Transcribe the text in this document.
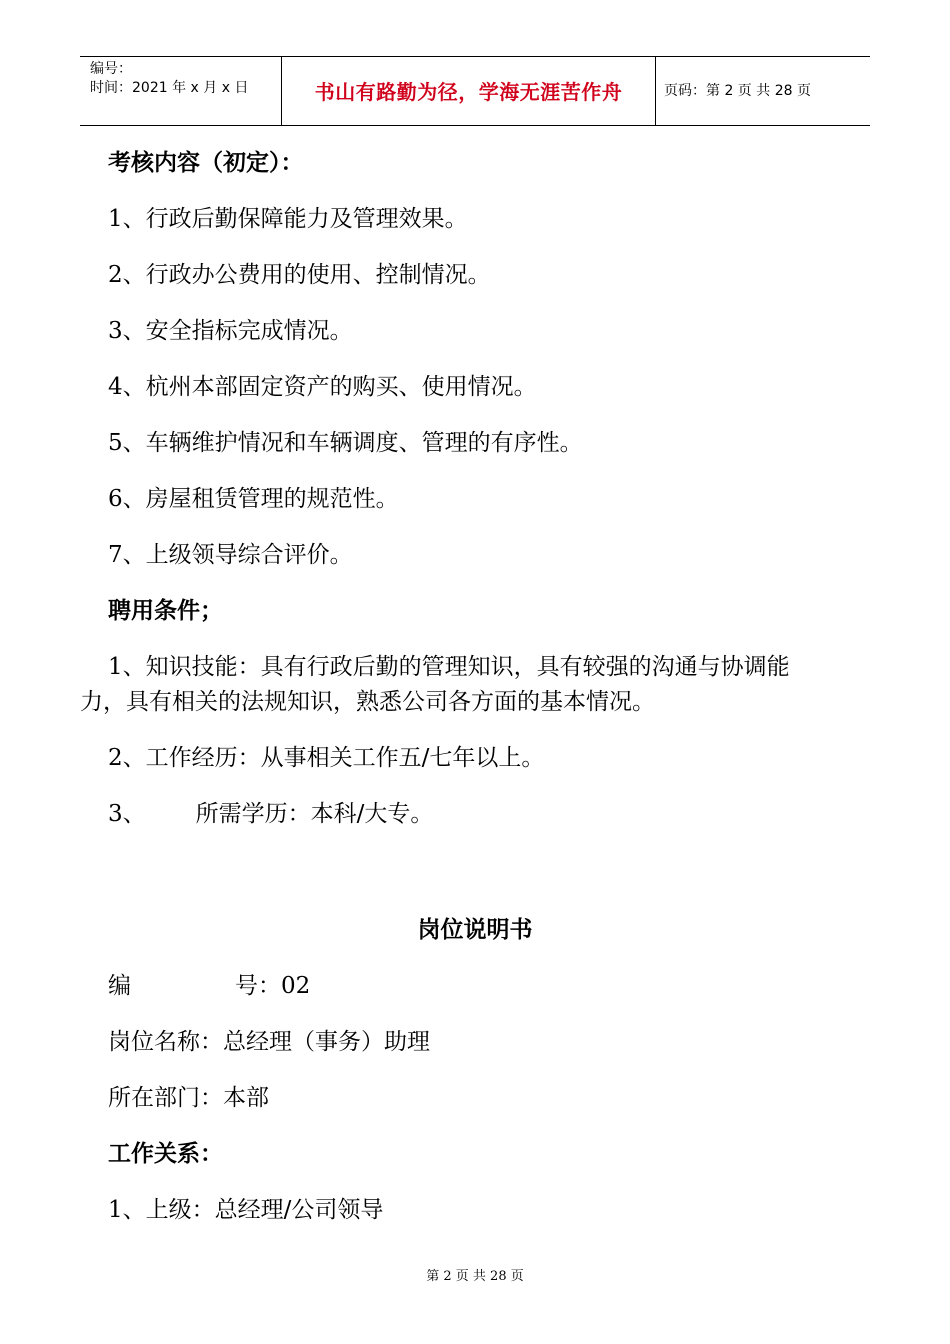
编号：
时间：2021 年 x 月 x 日	书山有路勤为径，学海无涯苦作舟	页码：第 2 页 共 28 页
考核内容（初定）：
1、行政后勤保障能力及管理效果。
2、行政办公费用的使用、控制情况。
3、安全指标完成情况。
4、杭州本部固定资产的购买、使用情况。
5、车辆维护情况和车辆调度、管理的有序性。
6、房屋租赁管理的规范性。
7、上级领导综合评价。
聘用条件；
1、知识技能：具有行政后勤的管理知识，具有较强的沟通与协调能
力，具有相关的法规知识，熟悉公司各方面的基本情况。
2、工作经历：从事相关工作五/七年以上。
3、 所需学历：本科/大专。
岗位说明书
编	号：02
岗位名称：总经理（事务）助理
所在部门：本部
工作关系：
1、上级：总经理/公司领导
第 2 页 共 28 页
